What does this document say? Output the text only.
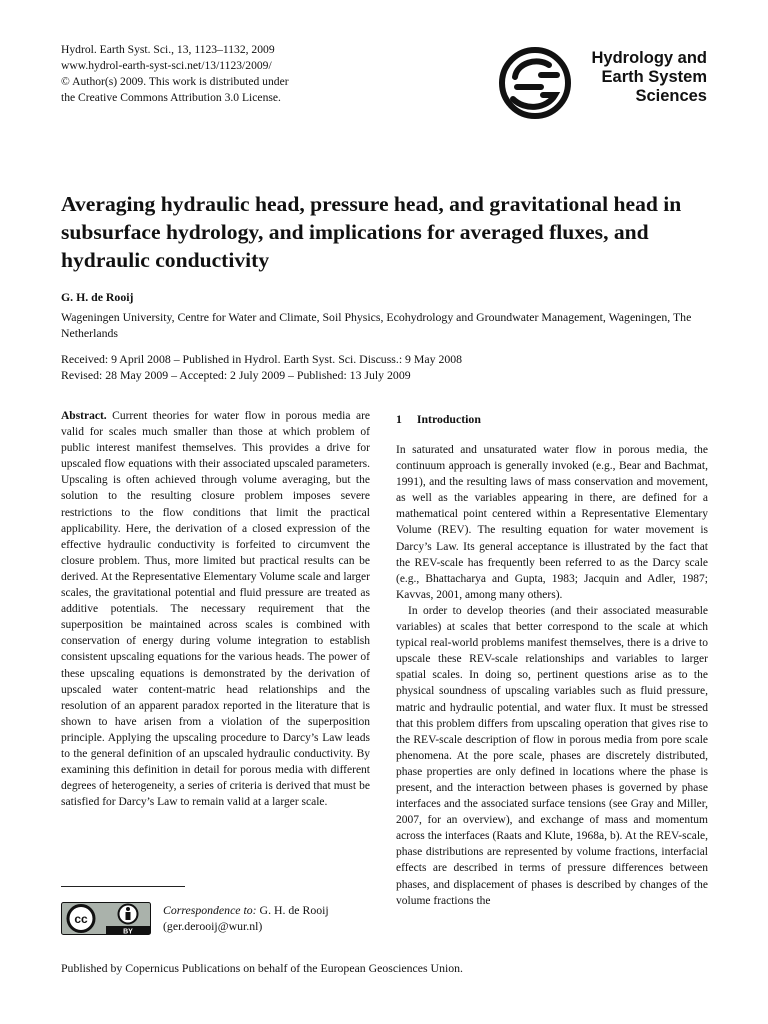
Hydrol. Earth Syst. Sci., 13, 1123–1132, 2009
www.hydrol-earth-syst-sci.net/13/1123/2009/
© Author(s) 2009. This work is distributed under
the Creative Commons Attribution 3.0 License.
Hydrology and
Earth System
Sciences
Averaging hydraulic head, pressure head, and gravitational head in subsurface hydrology, and implications for averaged fluxes, and hydraulic conductivity
G. H. de Rooij
Wageningen University, Centre for Water and Climate, Soil Physics, Ecohydrology and Groundwater Management, Wageningen, The Netherlands
Received: 9 April 2008 – Published in Hydrol. Earth Syst. Sci. Discuss.: 9 May 2008
Revised: 28 May 2009 – Accepted: 2 July 2009 – Published: 13 July 2009
Abstract. Current theories for water flow in porous media are valid for scales much smaller than those at which problem of public interest manifest themselves. This provides a drive for upscaled flow equations with their associated upscaled parameters. Upscaling is often achieved through volume averaging, but the solution to the resulting closure problem imposes severe restrictions to the flow conditions that limit the practical applicability. Here, the derivation of a closed expression of the effective hydraulic conductivity is forfeited to circumvent the closure problem. Thus, more limited but practical results can be derived. At the Representative Elementary Volume scale and larger scales, the gravitational potential and fluid pressure are treated as additive potentials. The necessary requirement that the superposition be maintained across scales is combined with conservation of energy during volume integration to establish consistent upscaling equations for the various heads. The power of these upscaling equations is demonstrated by the derivation of upscaled water content-matric head relationships and the resolution of an apparent paradox reported in the literature that is shown to have arisen from a violation of the superposition principle. Applying the upscaling procedure to Darcy’s Law leads to the general definition of an upscaled hydraulic conductivity. By examining this definition in detail for porous media with different degrees of heterogeneity, a series of criteria is derived that must be satisfied for Darcy’s Law to remain valid at a larger scale.
1 Introduction

In saturated and unsaturated water flow in porous media, the continuum approach is generally invoked (e.g., Bear and Bachmat, 1991), and the resulting laws of mass conservation and movement, as well as the variables appearing in there, are defined for a mathematical point centered within a Representative Elementary Volume (REV). The resulting equation for water movement is Darcy’s Law. Its general acceptance is illustrated by the fact that the REV-scale has frequently been referred to as the Darcy scale (e.g., Bhattacharya and Gupta, 1983; Jacquin and Adler, 1987; Kavvas, 2001, among many others).

In order to develop theories (and their associated measurable variables) at scales that better correspond to the scale at which typical real-world problems manifest themselves, there is a drive to upscale these REV-scale relationships and variables to larger spatial scales. In doing so, pertinent questions arise as to the physical soundness of upscaling variables such as fluid pressure, matric and hydraulic potential, and water flux. It must be stressed that this problem differs from upscaling operation that gives rise to the REV-scale description of flow in porous media from pore scale phenomena. At the pore scale, phases are discretely distributed, phase properties are only defined in locations where the phase is present, and the interaction between phases is governed by phase interfaces and the associated surface tensions (see Gray and Miller, 2007, for an overview), and exchange of mass and momentum across the interfaces (Raats and Klute, 1968a, b). At the REV-scale, phase distributions are represented by volume fractions, interfacial effects are described in terms of pressure differences between phases, and displacement of phases is described by changes of the volume fractions the

cc
BY
Correspondence to: G. H. de Rooij
(ger.derooij@wur.nl)
Published by Copernicus Publications on behalf of the European Geosciences Union.
